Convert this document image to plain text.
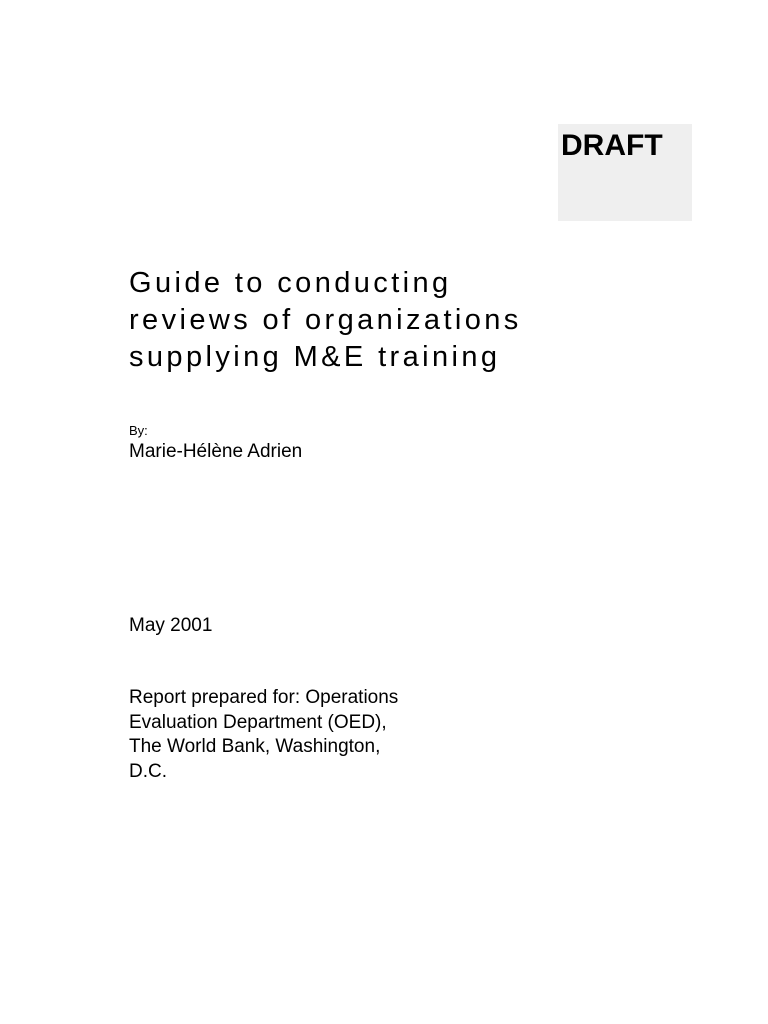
DRAFT
Guide to conducting
reviews of organizations
supplying M&E training
By:
Marie-Hélène Adrien
May 2001
Report prepared for: Operations
Evaluation Department (OED),
The World Bank, Washington,
D.C.
